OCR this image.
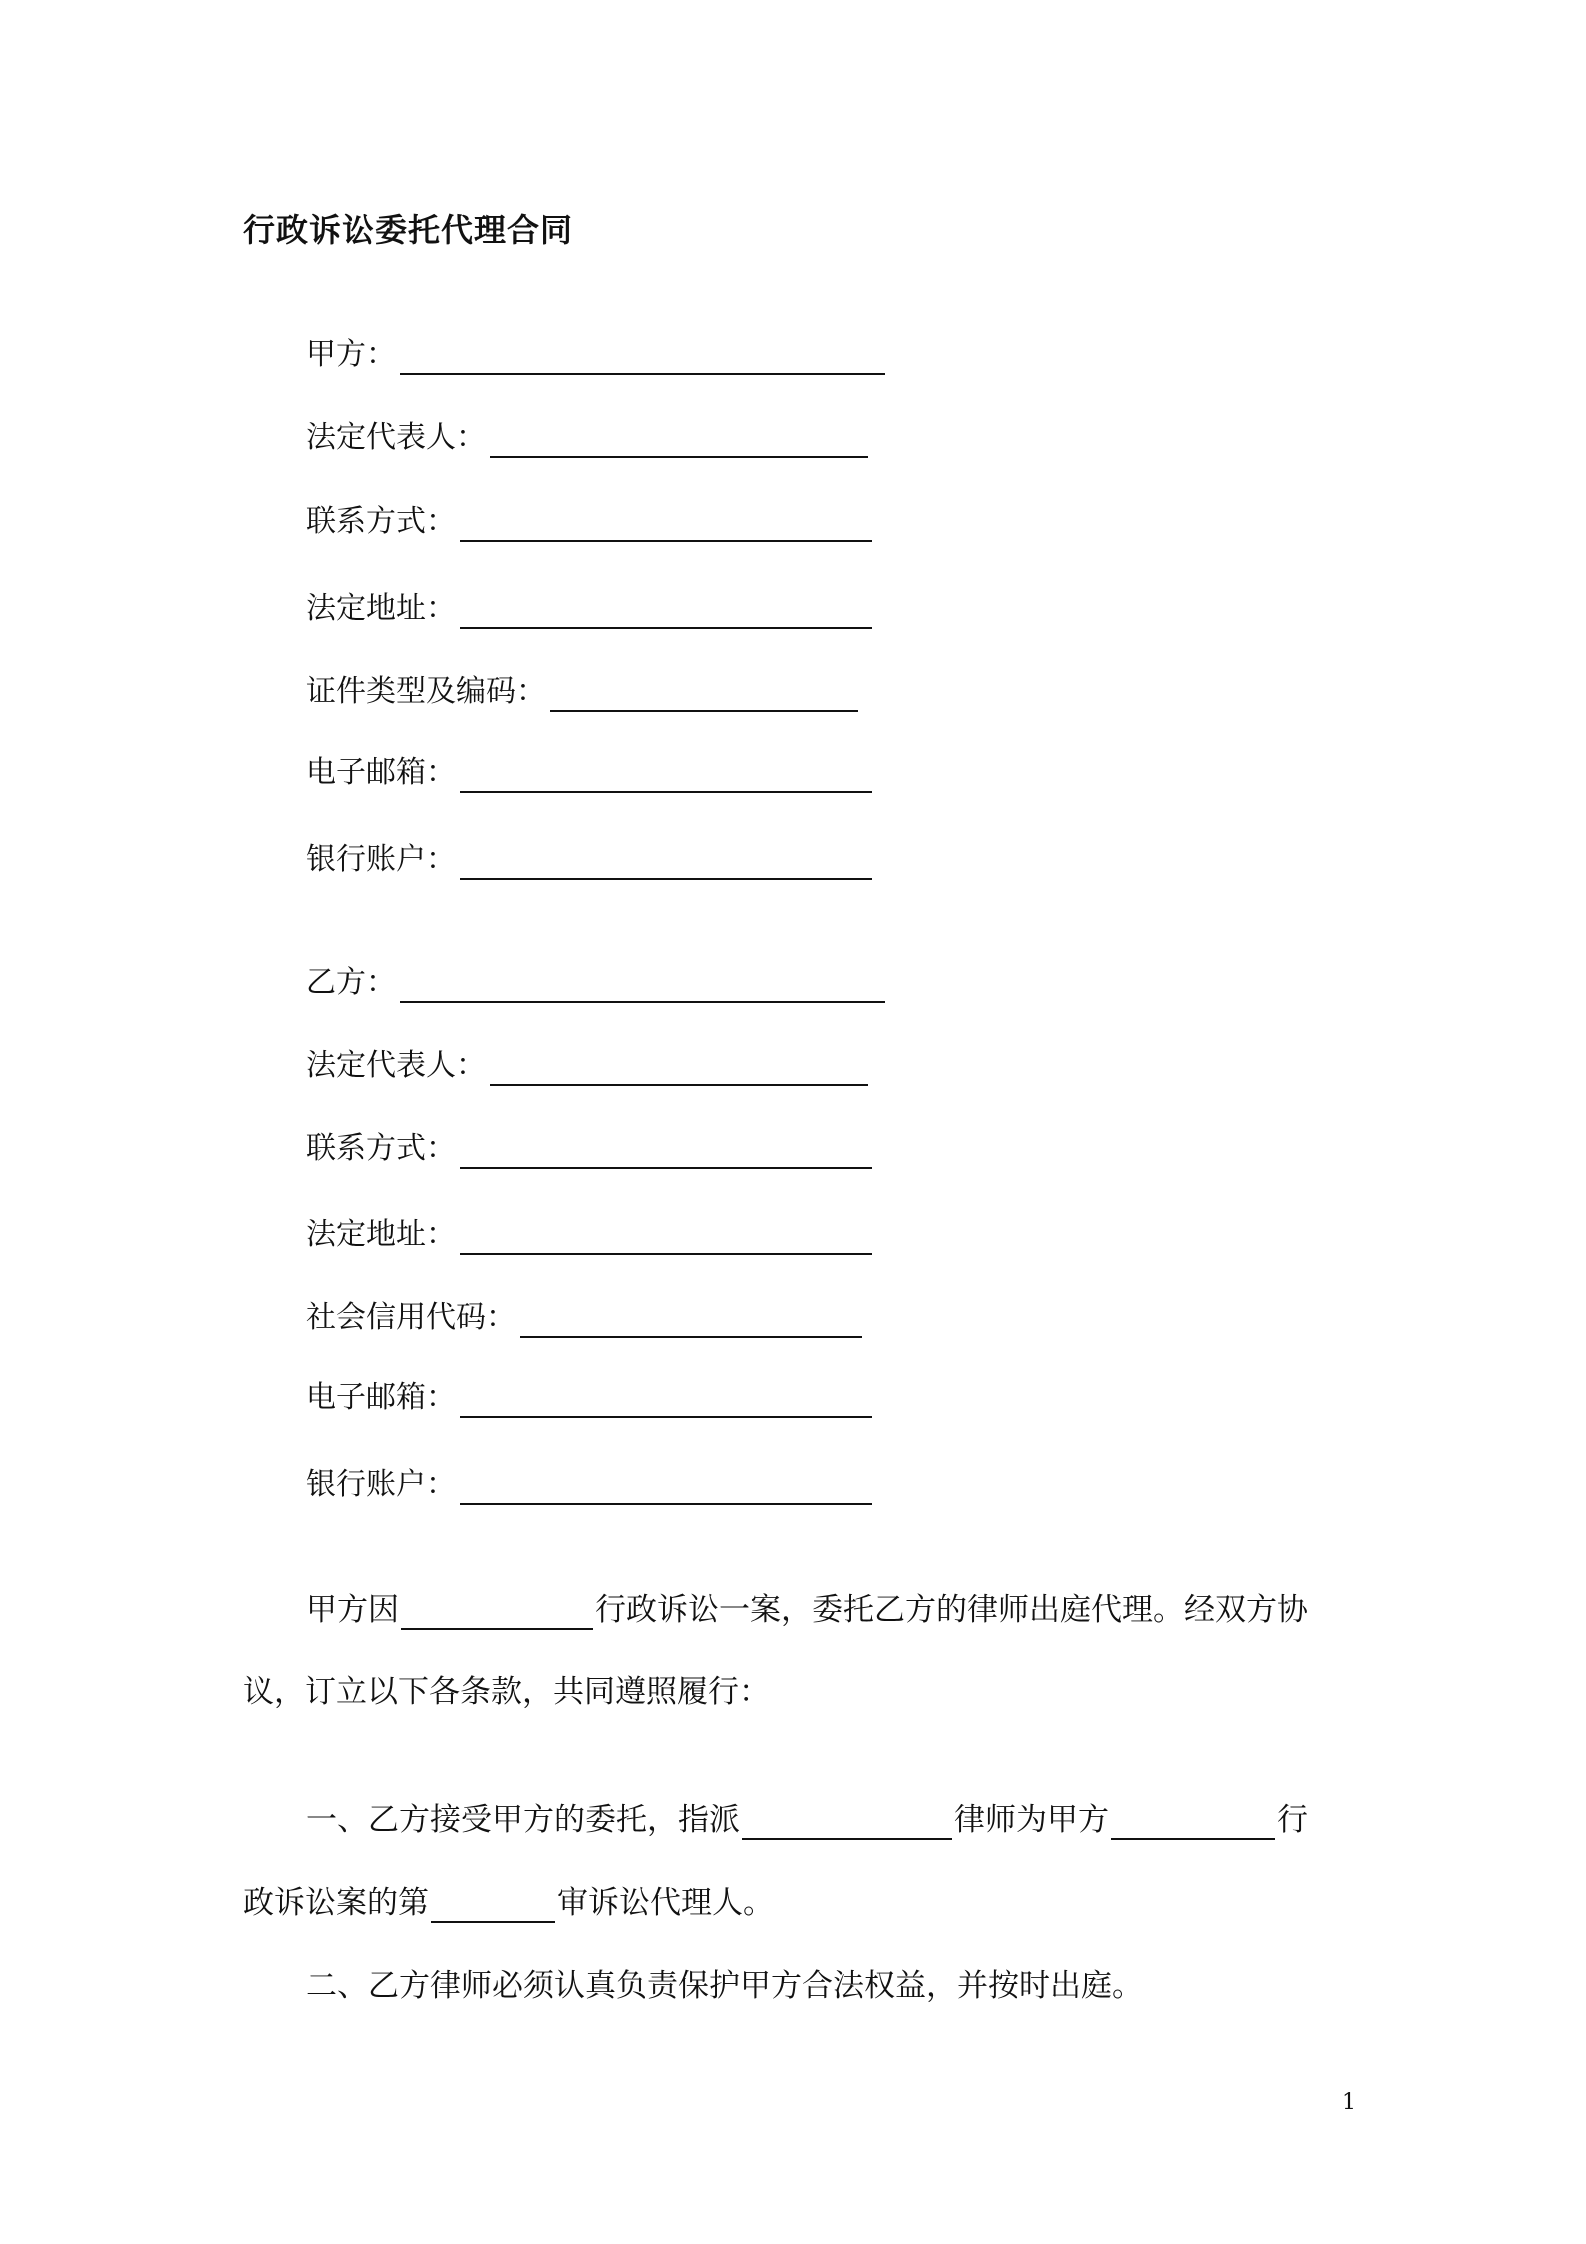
行政诉讼委托代理合同
甲方：
法定代表人：
联系方式：
法定地址：
证件类型及编码：
电子邮箱：
银行账户：
乙方：
法定代表人：
联系方式：
法定地址：
社会信用代码：
电子邮箱：
银行账户：
甲方因	行政诉讼一案，委托乙方的律师出庭代理。经双方协
议，订立以下各条款，共同遵照履行：
一、乙方接受甲方的委托，指派	律师为甲方	行
政诉讼案的第	审诉讼代理人。
二、乙方律师必须认真负责保护甲方合法权益，并按时出庭。
1
